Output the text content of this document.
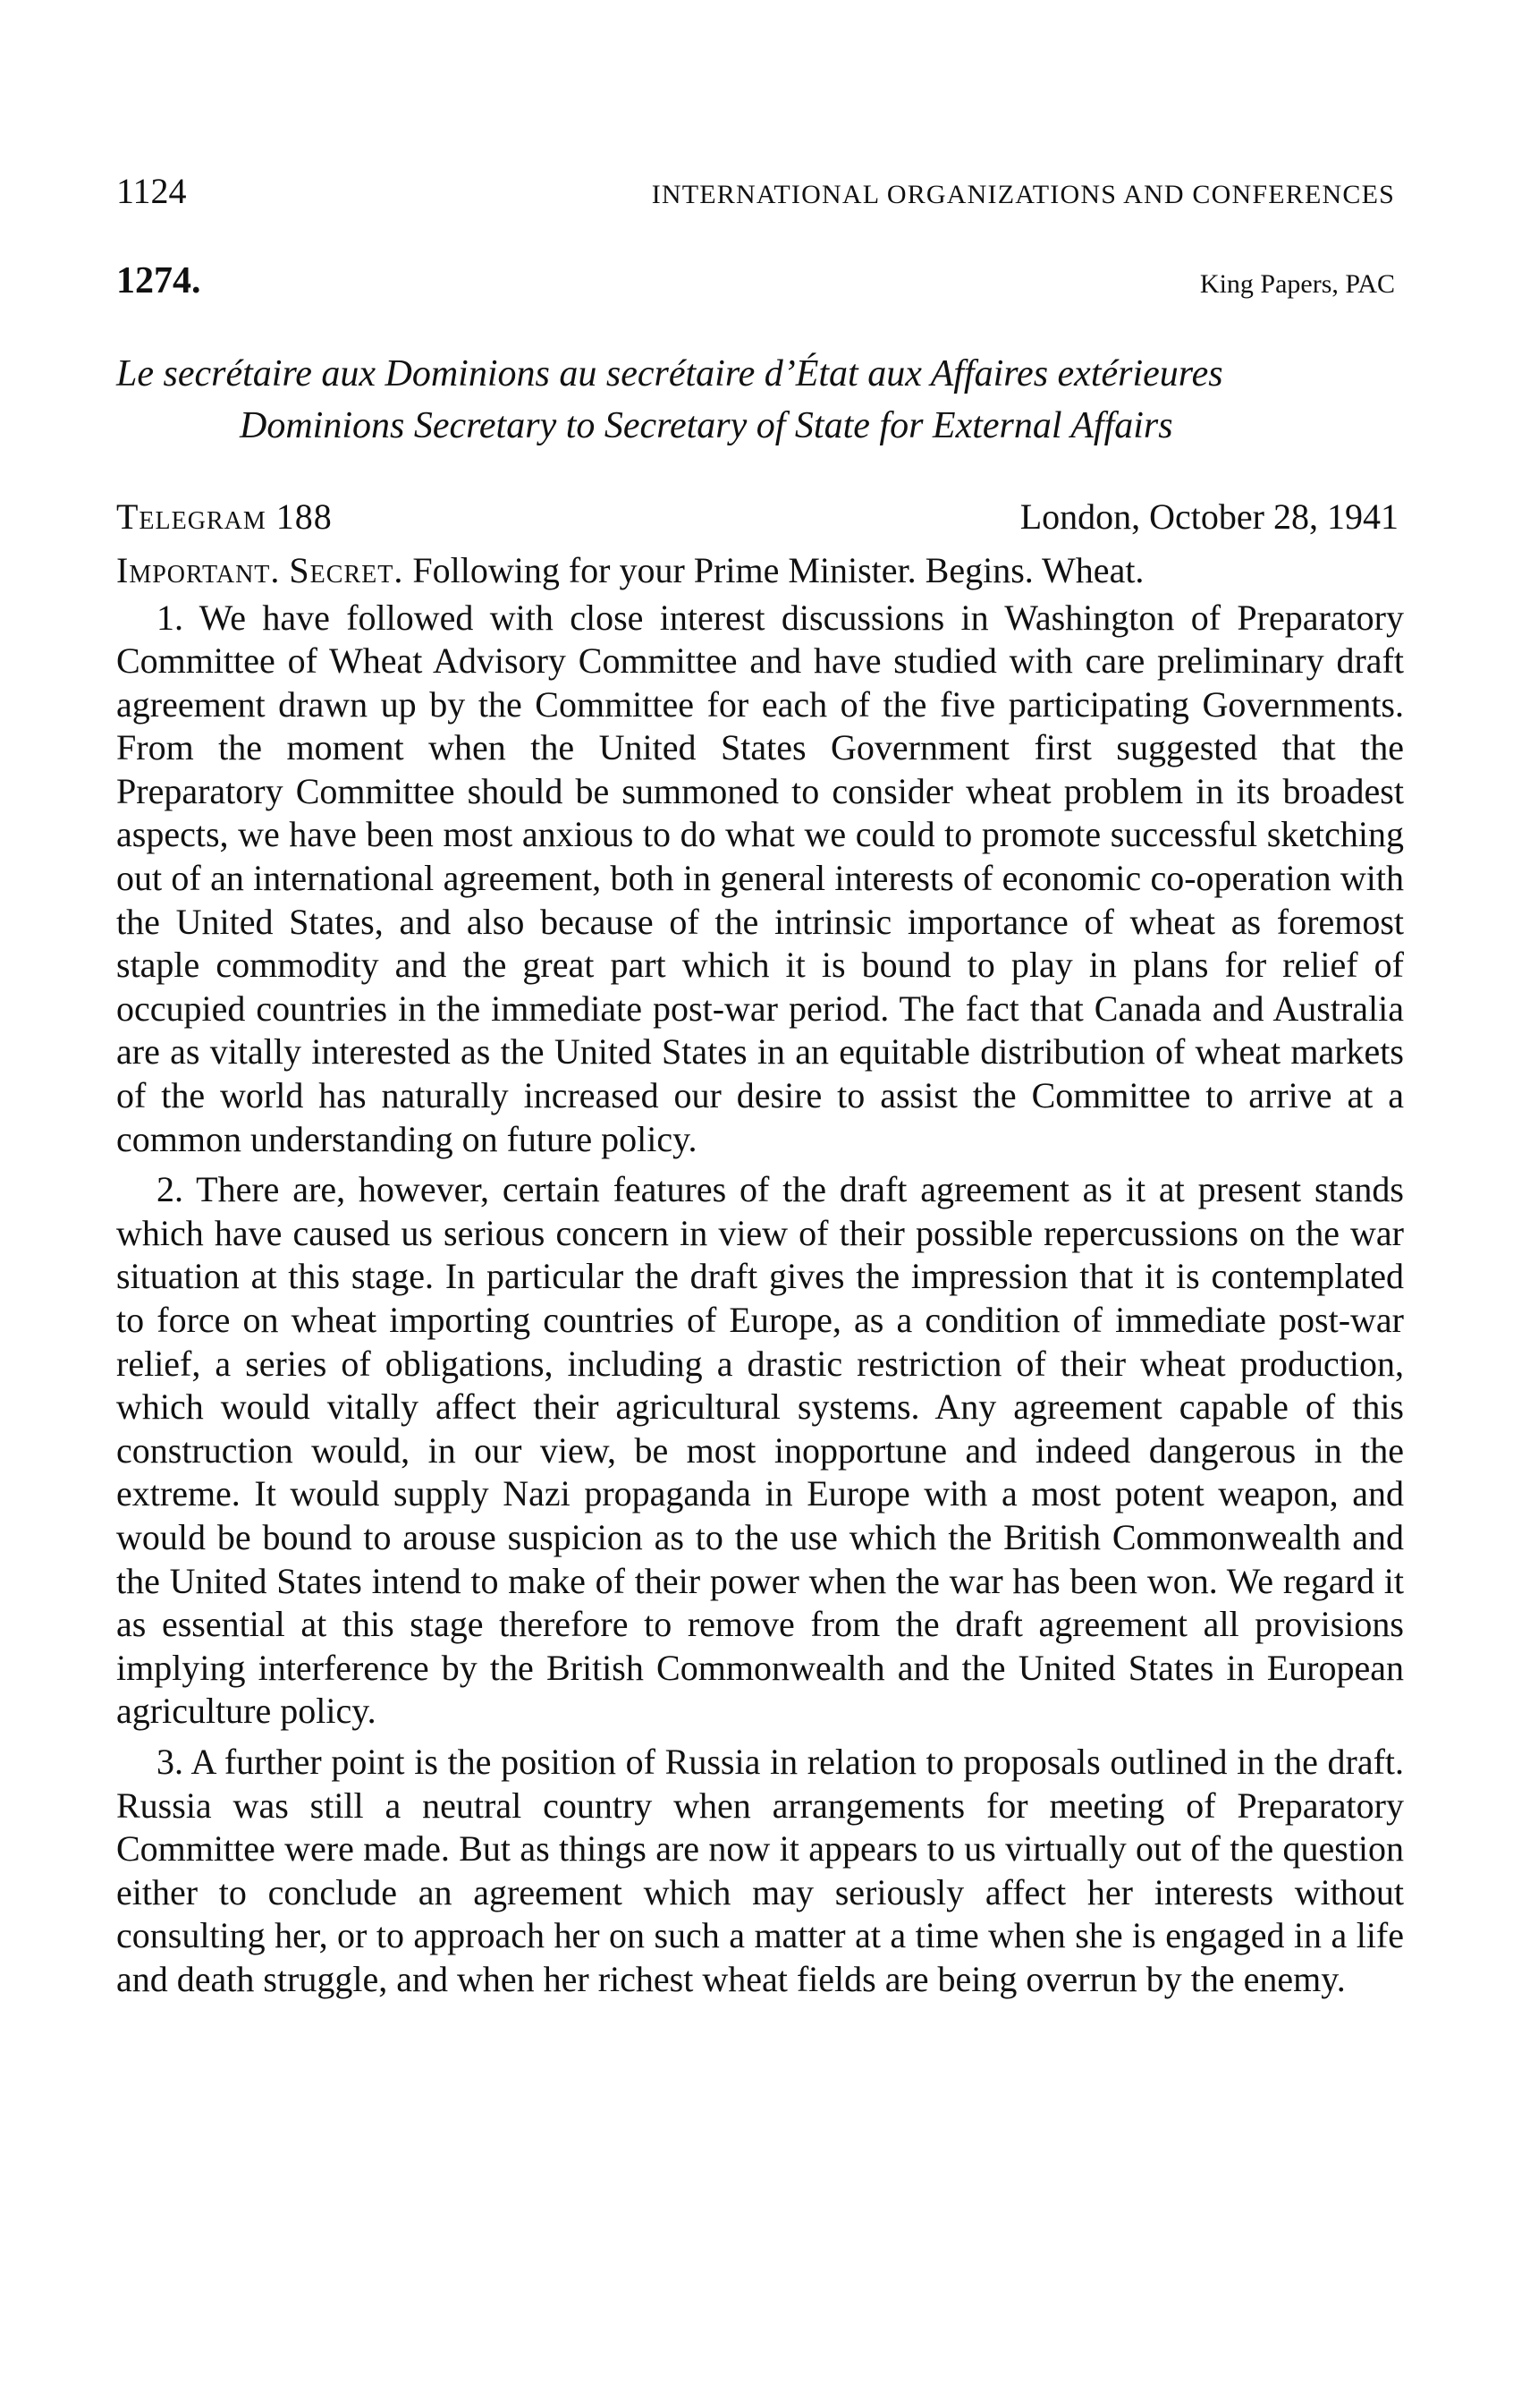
1124	INTERNATIONAL ORGANIZATIONS AND CONFERENCES
1274.	King Papers, PAC
Le secrétaire aux Dominions au secrétaire d’État aux Affaires extérieures
Dominions Secretary to Secretary of State for External Affairs
Telegram 188	London, October 28, 1941
Important. Secret. Following for your Prime Minister. Begins. Wheat.

1. We have followed with close interest discussions in Washington of Preparatory Committee of Wheat Advisory Committee and have studied with care preliminary draft agreement drawn up by the Committee for each of the five participating Governments. From the moment when the United States Government first suggested that the Preparatory Committee should be summoned to consider wheat problem in its broadest aspects, we have been most anxious to do what we could to promote successful sketching out of an international agreement, both in general interests of economic co-operation with the United States, and also because of the intrinsic importance of wheat as foremost staple commodity and the great part which it is bound to play in plans for relief of occupied countries in the immediate post-war period. The fact that Canada and Australia are as vitally interested as the United States in an equitable distribution of wheat markets of the world has naturally increased our desire to assist the Committee to arrive at a common understanding on future policy.

2. There are, however, certain features of the draft agreement as it at present stands which have caused us serious concern in view of their possible repercussions on the war situation at this stage. In particular the draft gives the impression that it is contemplated to force on wheat importing countries of Europe, as a condition of immediate post-war relief, a series of obligations, including a drastic restriction of their wheat production, which would vitally affect their agricultural systems. Any agreement capable of this construction would, in our view, be most inopportune and indeed dangerous in the extreme. It would supply Nazi propaganda in Europe with a most potent weapon, and would be bound to arouse suspicion as to the use which the British Commonwealth and the United States intend to make of their power when the war has been won. We regard it as essential at this stage therefore to remove from the draft agreement all provisions implying interference by the British Commonwealth and the United States in European agriculture policy.

3. A further point is the position of Russia in relation to proposals outlined in the draft. Russia was still a neutral country when arrangements for meeting of Preparatory Committee were made. But as things are now it appears to us virtually out of the question either to conclude an agreement which may seriously affect her interests without consulting her, or to approach her on such a matter at a time when she is engaged in a life and death struggle, and when her richest wheat fields are being overrun by the enemy.
